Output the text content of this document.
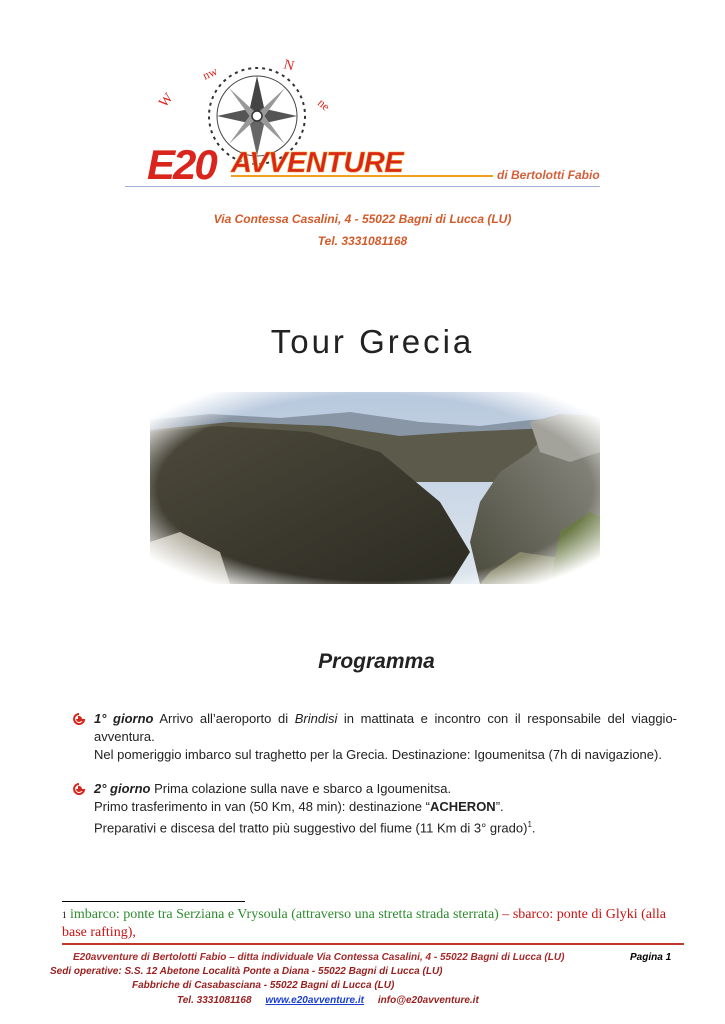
W
nw	N
ne
E20 AVVENTURE	di Bertolotti Fabio
Via Contessa Casalini, 4 - 55022 Bagni di Lucca (LU)
Tel. 3331081168
Tour Grecia
Programma
1° giorno Arrivo all’aeroporto di Brindisi in mattinata e incontro con il responsabile del viaggio-avventura.
Nel pomeriggio imbarco sul traghetto per la Grecia. Destinazione: Igoumenitsa (7h di navigazione).
2° giorno Prima colazione sulla nave e sbarco a Igoumenitsa.
Primo trasferimento in van (50 Km, 48 min): destinazione “ACHERON”.
Preparativi e discesa del tratto più suggestivo del fiume (11 Km di 3° grado)$^1$.
$^1$ imbarco: ponte tra Serziana e Vrysoula (attraverso una stretta strada sterrata) – sbarco: ponte di Glyki (alla base rafting),
E20avventure di Bertolotti Fabio – ditta individuale Via Contessa Casalini, 4 - 55022 Bagni di Lucca (LU)	Pagina 1
Sedi operative: S.S. 12 Abetone Località Ponte a Diana - 55022 Bagni di Lucca (LU)
Fabbriche di Casabasciana - 55022 Bagni di Lucca (LU)
Tel. 3331081168 www.e20avventure.it info@e20avventure.it
